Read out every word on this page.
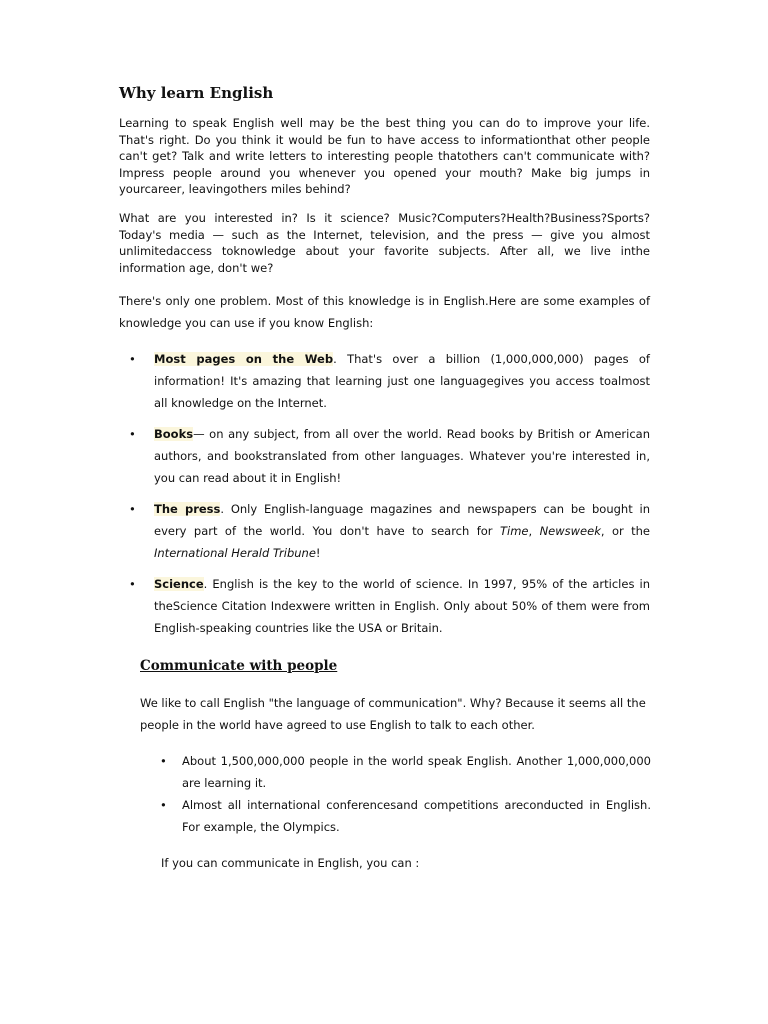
Why learn English

Learning to speak English well may be the best thing you can do to improve your life. That's right. Do you think it would be fun to have access to informationthat other people can't get? Talk and write letters to interesting people thatothers can't communicate with? Impress people around you whenever you opened your mouth? Make big jumps in yourcareer, leavingothers miles behind?

What are you interested in? Is it science? Music?Computers?Health?Business?Sports? Today's media — such as the Internet, television, and the press — give you almost unlimitedaccess toknowledge about your favorite subjects. After all, we live inthe information age, don't we?

There's only one problem. Most of this knowledge is in English.Here are some examples of knowledge you can use if you know English:

• Most pages on the Web. That's over a billion (1,000,000,000) pages of information! It's amazing that learning just one languagegives you access toalmost all knowledge on the Internet.
• Books— on any subject, from all over the world. Read books by British or American authors, and bookstranslated from other languages. Whatever you're interested in, you can read about it in English!
• The press. Only English-language magazines and newspapers can be bought in every part of the world. You don't have to search for Time, Newsweek, or the International Herald Tribune!
• Science. English is the key to the world of science. In 1997, 95% of the articles in theScience Citation Indexwere written in English. Only about 50% of them were from English-speaking countries like the USA or Britain.
Communicate with people

We like to call English "the language of communication". Why? Because it seems all the people in the world have agreed to use English to talk to each other.

• About 1,500,000,000 people in the world speak English. Another 1,000,000,000 are learning it.
• Almost all international conferencesand competitions areconducted in English. For example, the Olympics.

If you can communicate in English, you can :
